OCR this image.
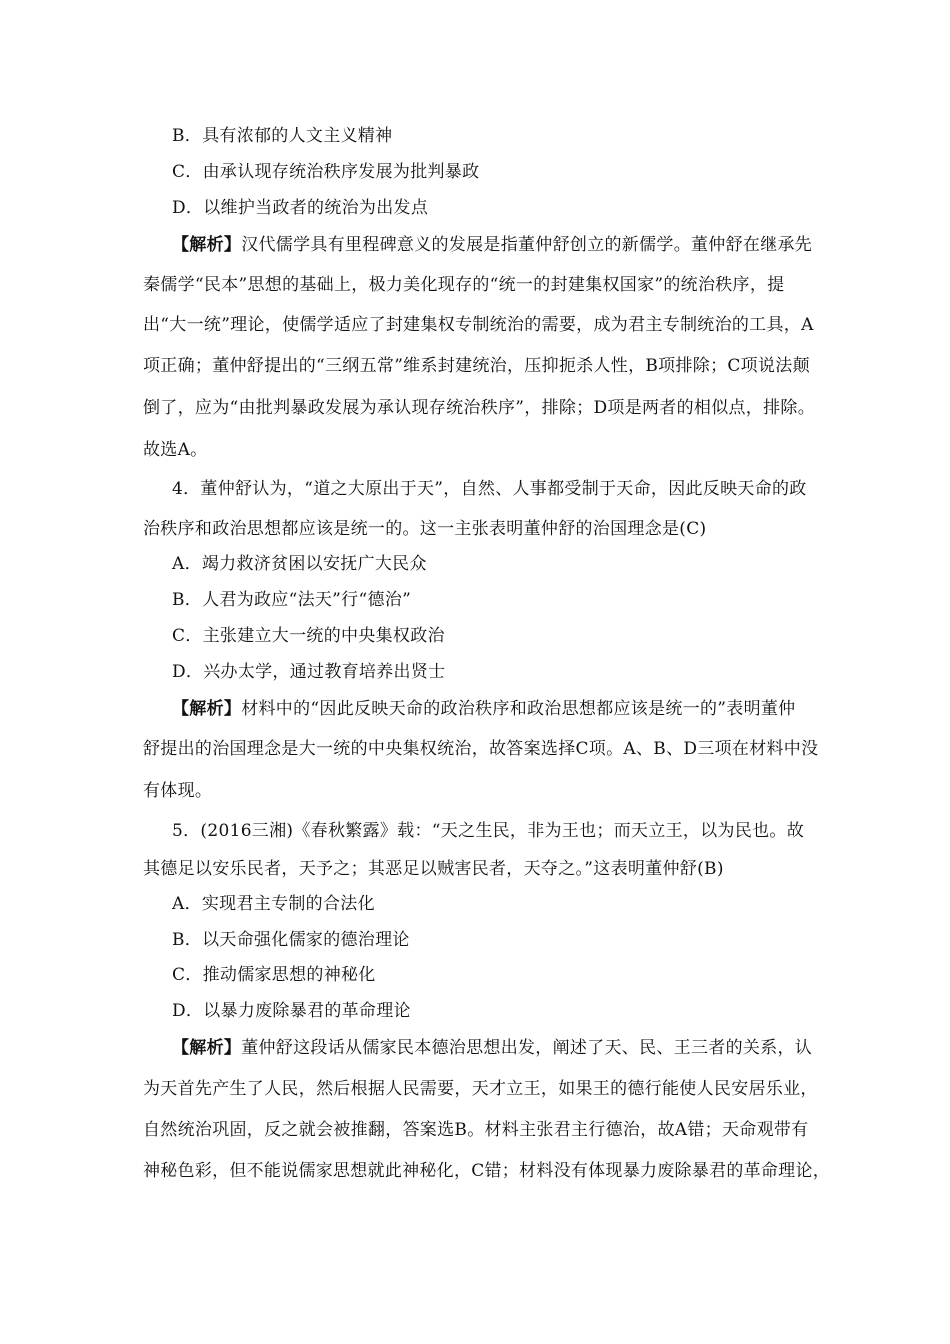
B．具有浓郁的人文主义精神
C．由承认现存统治秩序发展为批判暴政
D．以维护当政者的统治为出发点
【解析】汉代儒学具有里程碑意义的发展是指董仲舒创立的新儒学。董仲舒在继承先
秦儒学“民本”思想的基础上，极力美化现存的“统一的封建集权国家”的统治秩序，提
出“大一统”理论，使儒学适应了封建集权专制统治的需要，成为君主专制统治的工具，A
项正确；董仲舒提出的“三纲五常”维系封建统治，压抑扼杀人性，B项排除；C项说法颠
倒了，应为“由批判暴政发展为承认现存统治秩序”，排除；D项是两者的相似点，排除。
故选A。
4．董仲舒认为，“道之大原出于天”，自然、人事都受制于天命，因此反映天命的政
治秩序和政治思想都应该是统一的。这一主张表明董仲舒的治国理念是(C)
A．竭力救济贫困以安抚广大民众
B．人君为政应“法天”行“德治”
C．主张建立大一统的中央集权政治
D．兴办太学，通过教育培养出贤士
【解析】材料中的“因此反映天命的政治秩序和政治思想都应该是统一的”表明董仲
舒提出的治国理念是大一统的中央集权统治，故答案选择C项。A、B、D三项在材料中没
有体现。
5．(2016三湘)《春秋繁露》载：“天之生民，非为王也；而天立王，以为民也。故
其德足以安乐民者，天予之；其恶足以贼害民者，天夺之。”这表明董仲舒(B)
A．实现君主专制的合法化
B．以天命强化儒家的德治理论
C．推动儒家思想的神秘化
D．以暴力废除暴君的革命理论
【解析】董仲舒这段话从儒家民本德治思想出发，阐述了天、民、王三者的关系，认
为天首先产生了人民，然后根据人民需要，天才立王，如果王的德行能使人民安居乐业，
自然统治巩固，反之就会被推翻，答案选B。材料主张君主行德治，故A错；天命观带有
神秘色彩，但不能说儒家思想就此神秘化，C错；材料没有体现暴力废除暴君的革命理论，
